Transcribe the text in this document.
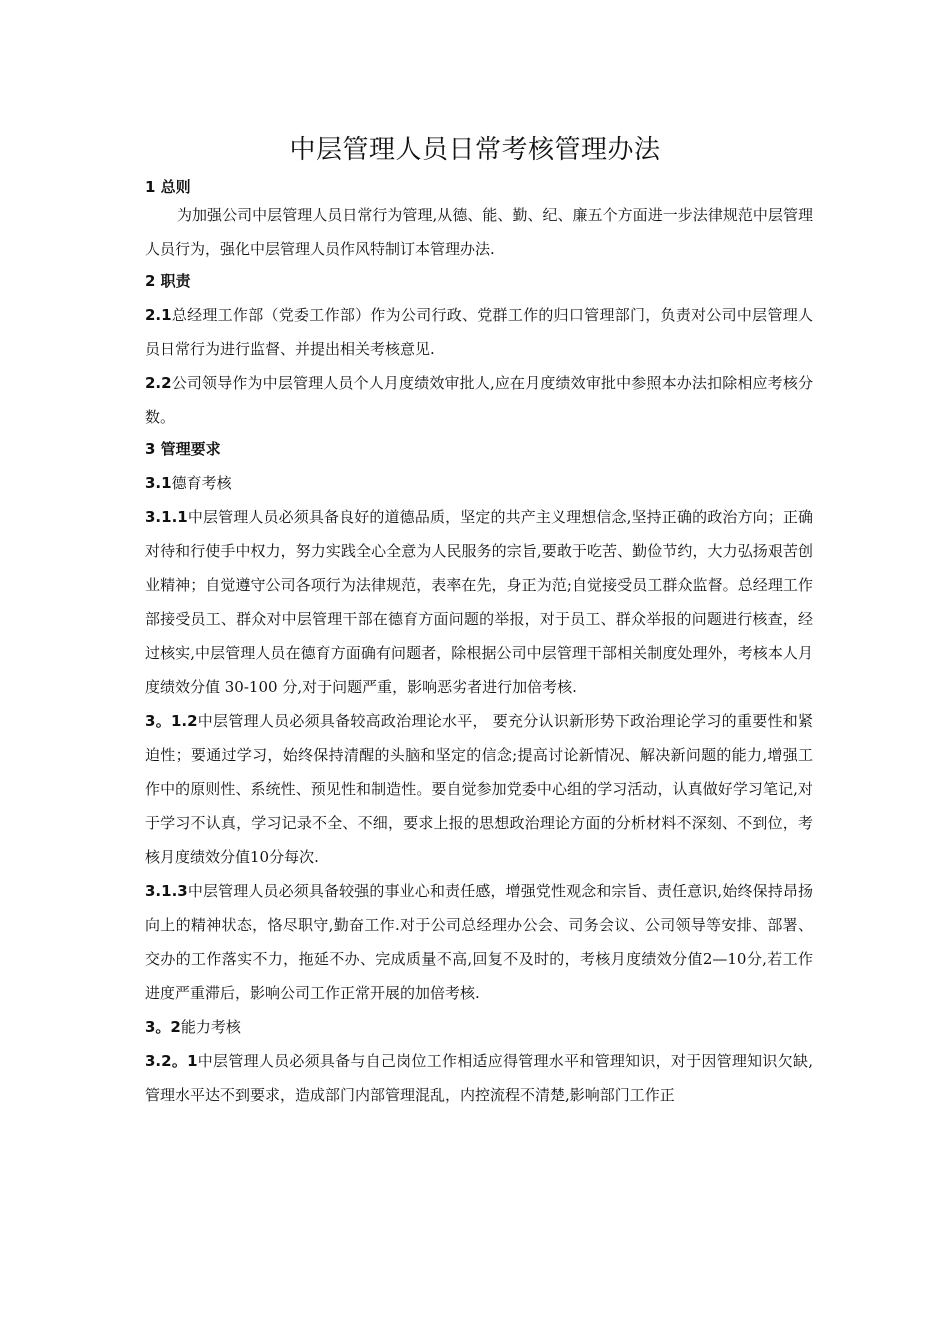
中层管理人员日常考核管理办法
1 总则

为加强公司中层管理人员日常行为管理,从德、能、勤、纪、廉五个方面进一步法律规范中层管理人员行为，强化中层管理人员作风特制订本管理办法.

2 职责

2.1总经理工作部（党委工作部）作为公司行政、党群工作的归口管理部门，负责对公司中层管理人员日常行为进行监督、并提出相关考核意见.

2.2公司领导作为中层管理人员个人月度绩效审批人,应在月度绩效审批中参照本办法扣除相应考核分数。

3 管理要求

3.1德育考核

3.1.1中层管理人员必须具备良好的道德品质，坚定的共产主义理想信念,坚持正确的政治方向；正确对待和行使手中权力，努力实践全心全意为人民服务的宗旨,要敢于吃苦、勤俭节约，大力弘扬艰苦创业精神；自觉遵守公司各项行为法律规范，表率在先，身正为范;自觉接受员工群众监督。总经理工作部接受员工、群众对中层管理干部在德育方面问题的举报，对于员工、群众举报的问题进行核查，经过核实,中层管理人员在德育方面确有问题者，除根据公司中层管理干部相关制度处理外，考核本人月度绩效分值 30-100 分,对于问题严重，影响恶劣者进行加倍考核.

3。1.2中层管理人员必须具备较高政治理论水平， 要充分认识新形势下政治理论学习的重要性和紧迫性；要通过学习，始终保持清醒的头脑和坚定的信念;提高讨论新情况、解决新问题的能力,增强工作中的原则性、系统性、预见性和制造性。要自觉参加党委中心组的学习活动，认真做好学习笔记,对于学习不认真，学习记录不全、不细，要求上报的思想政治理论方面的分析材料不深刻、不到位，考核月度绩效分值10分每次.

3.1.3中层管理人员必须具备较强的事业心和责任感，增强党性观念和宗旨、责任意识,始终保持昂扬向上的精神状态，恪尽职守,勤奋工作.对于公司总经理办公会、司务会议、公司领导等安排、部署、交办的工作落实不力，拖延不办、完成质量不高,回复不及时的，考核月度绩效分值2—10分,若工作进度严重滞后，影响公司工作正常开展的加倍考核.

3。2能力考核

3.2。1中层管理人员必须具备与自己岗位工作相适应得管理水平和管理知识，对于因管理知识欠缺,管理水平达不到要求，造成部门内部管理混乱，内控流程不清楚,影响部门工作正
